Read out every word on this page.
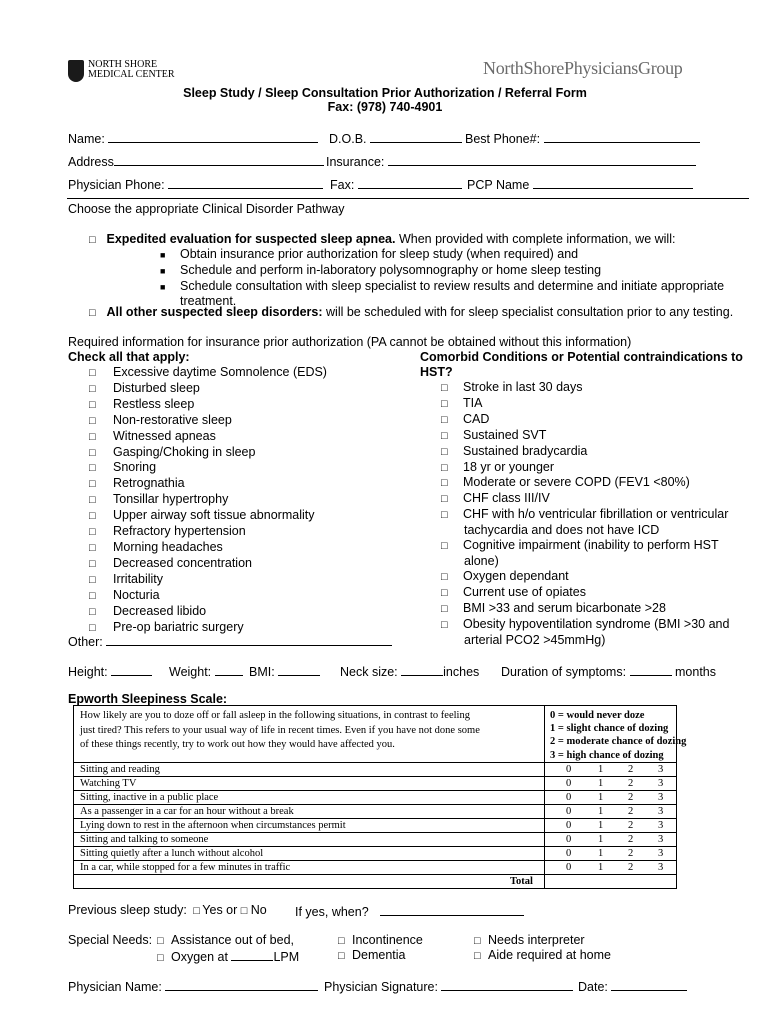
NORTH SHORE
MEDICAL CENTER	NorthShorePhysiciansGroup
Sleep Study / Sleep Consultation Prior Authorization / Referral Form
Fax: (978) 740-4901
Name:	D.O.B.	Best Phone#:
Address	Insurance:
Physician Phone:	Fax:	PCP Name
Choose the appropriate Clinical Disorder Pathway
□ Expedited evaluation for suspected sleep apnea. When provided with complete information, we will:
■ Obtain insurance prior authorization for sleep study (when required) and
■ Schedule and perform in-laboratory polysomnography or home sleep testing
■ Schedule consultation with sleep specialist to review results and determine and initiate appropriate
treatment.
□ All other suspected sleep disorders: will be scheduled with for sleep specialist consultation prior to any testing.
Required information for insurance prior authorization (PA cannot be obtained without this information)
Check all that apply:
□ Excessive daytime Somnolence (EDS)
□ Disturbed sleep
□ Restless sleep
□ Non-restorative sleep
□ Witnessed apneas
□ Gasping/Choking in sleep
□ Snoring
□ Retrognathia
□ Tonsillar hypertrophy
□ Upper airway soft tissue abnormality
□ Refractory hypertension
□ Morning headaches
□ Decreased concentration
□ Irritability
□ Nocturia
□ Decreased libido
□ Pre-op bariatric surgery
Comorbid Conditions or Potential contraindications to
HST?
□ Stroke in last 30 days
□ TIA
□ CAD
□ Sustained SVT
□ Sustained bradycardia
□ 18 yr or younger
□ Moderate or severe COPD (FEV1 <80%)
□ CHF class III/IV
□ CHF with h/o ventricular fibrillation or ventricular
tachycardia and does not have ICD
□ Cognitive impairment (inability to perform HST
alone)
□ Oxygen dependant
□ Current use of opiates
□ BMI >33 and serum bicarbonate >28
□ Obesity hypoventilation syndrome (BMI >30 and
arterial PCO2 >45mmHg)
Other:
Height:	Weight:	BMI:	Neck size:	inches Duration of symptoms:	months
Epworth Sleepiness Scale:
How likely are you to doze off or fall asleep in the following situations, in contrast to feeling
just tired? This refers to your usual way of life in recent times. Even if you have not done some
of these things recently, try to work out how they would have affected you.
0 = would never doze
1 = slight chance of dozing
2 = moderate chance of dozing
3 = high chance of dozing
Sitting and reading	0	1 2 3
Watching TV	0	1 2 3
Sitting, inactive in a public place	0	1 2 3
As a passenger in a car for an hour without a break	0	1 2 3
Lying down to rest in the afternoon when circumstances permit	0	1 2 3
Sitting and talking to someone	0	1 2 3
Sitting quietly after a lunch without alcohol	0	1 2 3
In a car, while stopped for a few minutes in traffic	0	1 2 3
Total
Previous sleep study: □ Yes or □ No If yes, when?
Special Needs: □ Assistance out of bed,	□ Incontinence	□ Needs interpreter
□ Oxygen at	LPM	□ Dementia	□ Aide required at home
Physician Name:	Physician Signature:	Date:
